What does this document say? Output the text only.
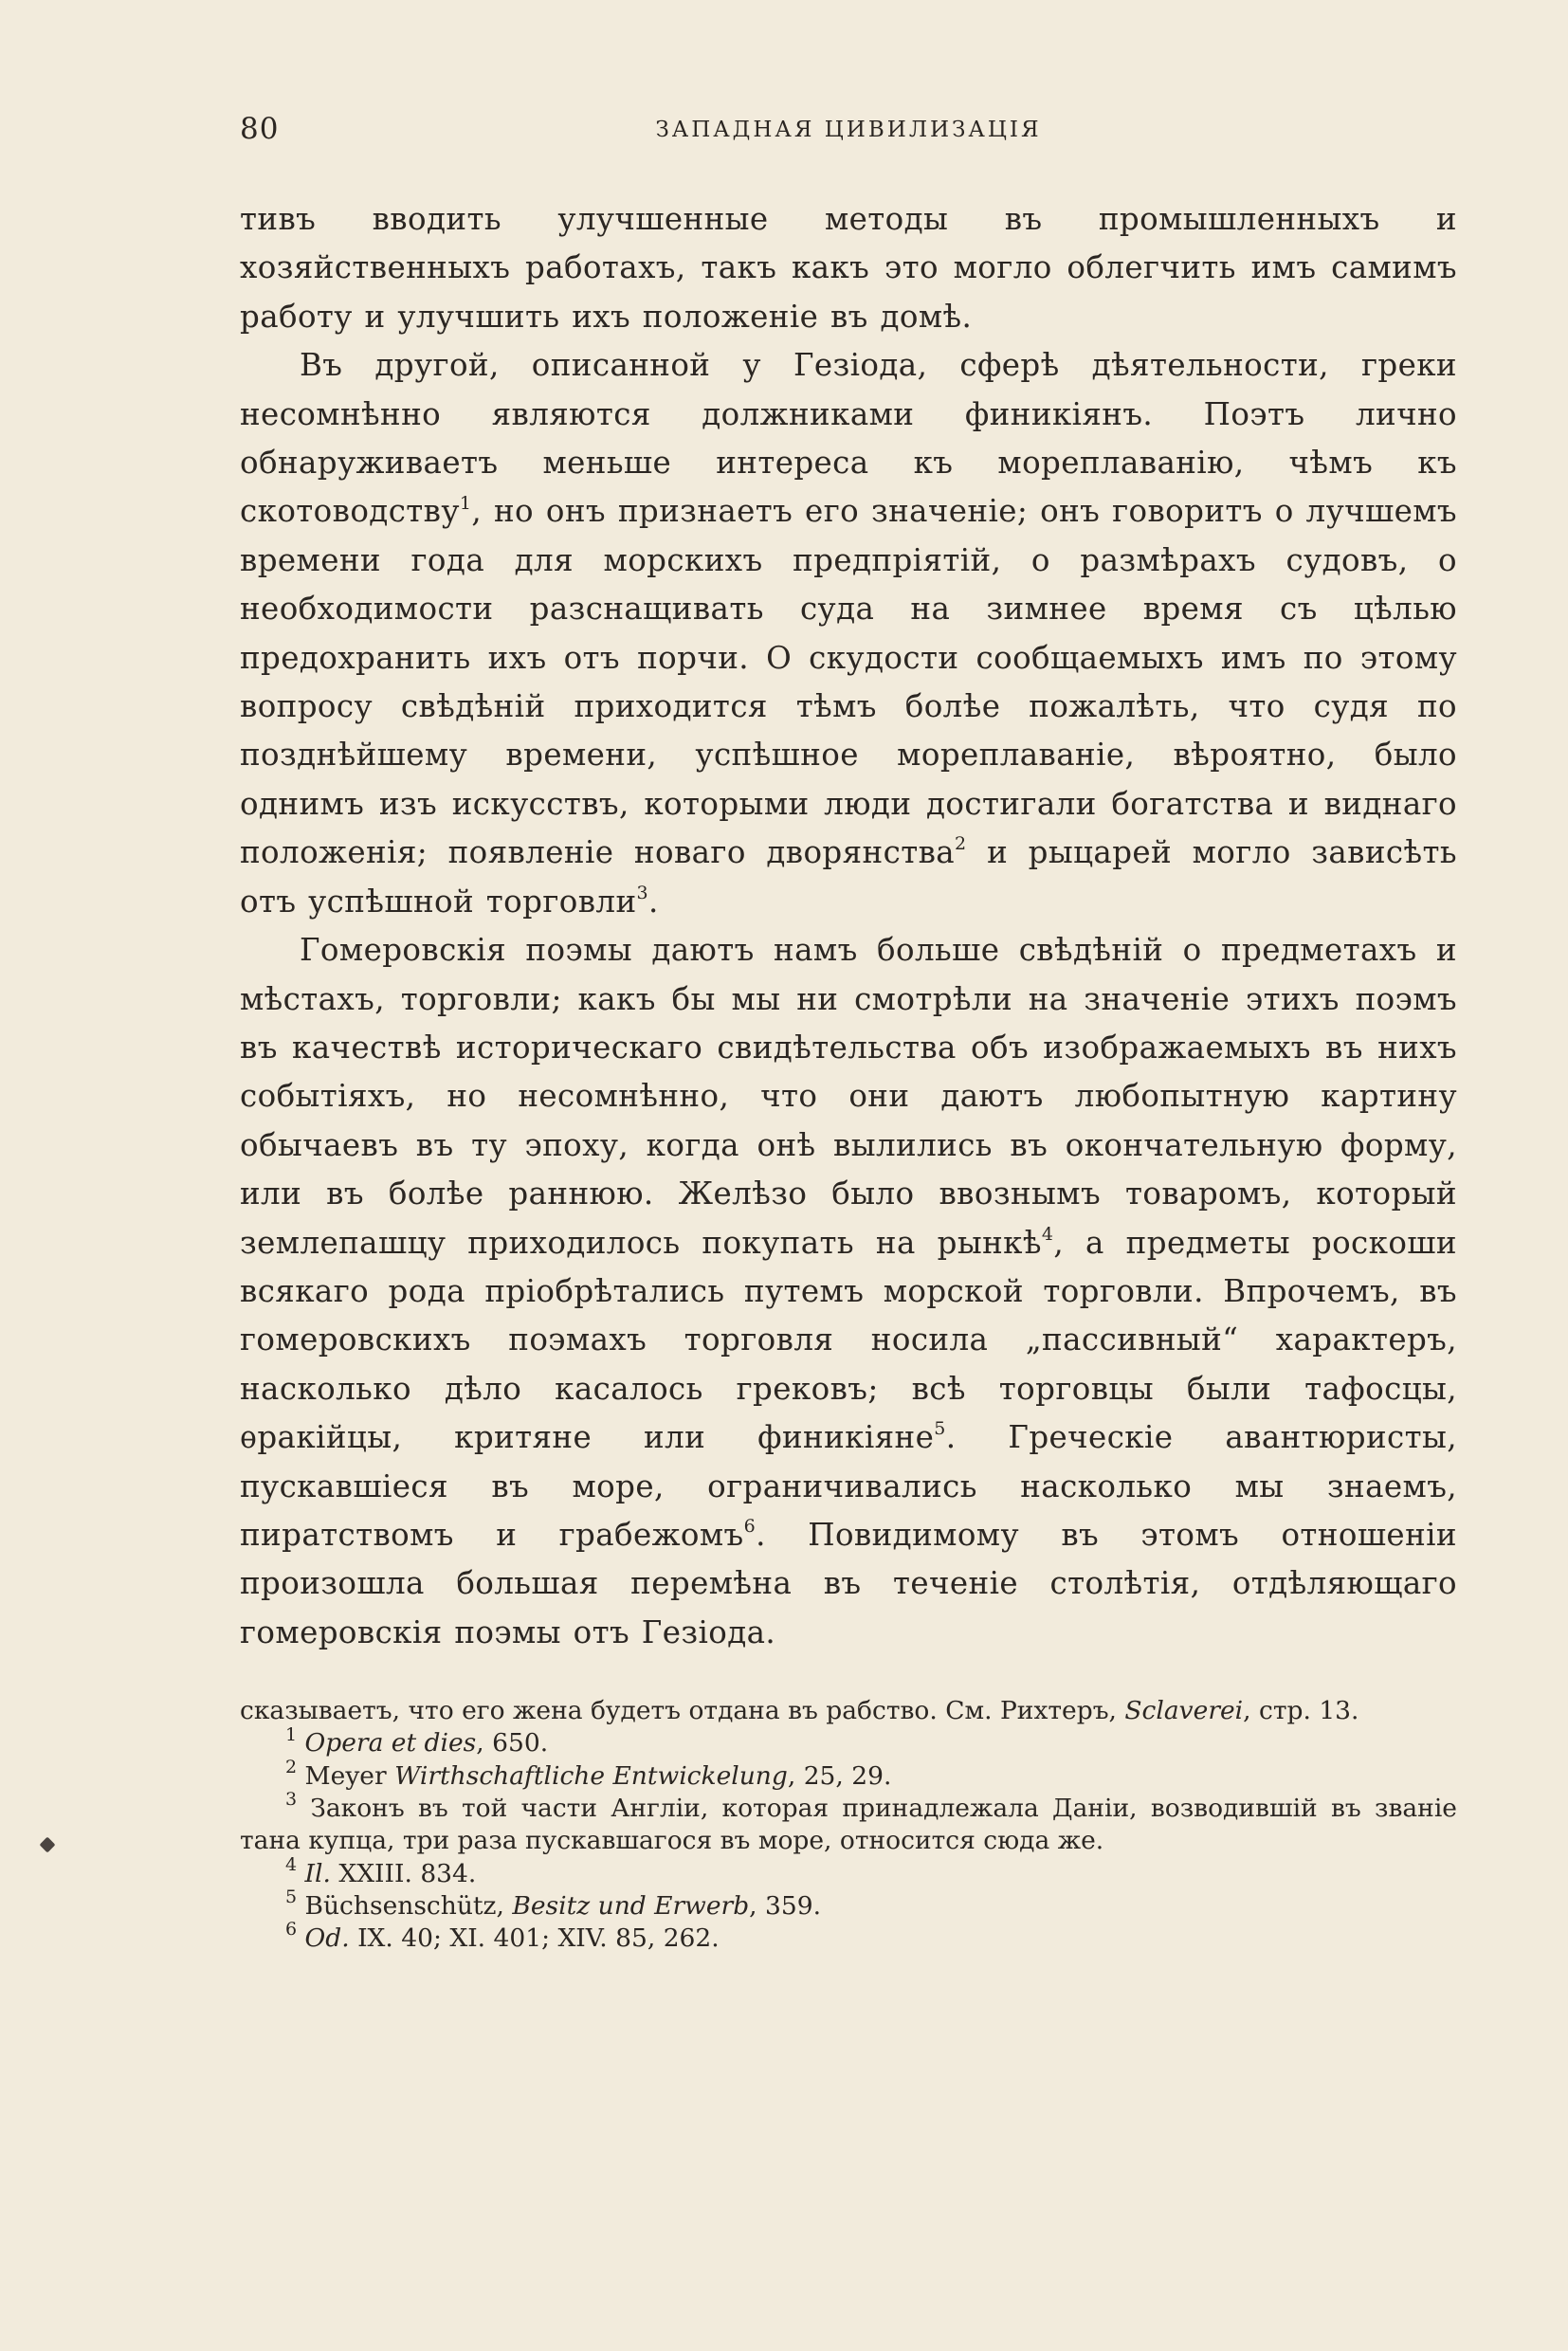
80	ЗАПАДНАЯ ЦИВИЛИЗАЦІЯ

тивъ вводить улучшенные методы въ промышленныхъ и хозяйственныхъ работахъ, такъ какъ это могло облегчить имъ самимъ работу и улучшить ихъ положеніе въ домѣ.

Въ другой, описанной у Гезіода, сферѣ дѣятельности, греки несомнѣнно являются должниками финикіянъ. Поэтъ лично обнаруживаетъ меньше интереса къ мореплаванію, чѣмъ къ скотоводству$^1$, но онъ признаетъ его значеніе; онъ говоритъ о лучшемъ времени года для морскихъ предпріятій, о размѣрахъ судовъ, о необходимости разснащивать суда на зимнее время съ цѣлью предохранить ихъ отъ порчи. О скудости сообщаемыхъ имъ по этому вопросу свѣдѣній приходится тѣмъ болѣе пожалѣть, что судя по позднѣйшему времени, успѣшное мореплаваніе, вѣроятно, было однимъ изъ искусствъ, которыми люди достигали богатства и виднаго положенія; появленіе новаго дворянства$^2$ и рыцарей могло зависѣть отъ успѣшной торговли$^3$.

Гомеровскія поэмы даютъ намъ больше свѣдѣній о предметахъ и мѣстахъ, торговли; какъ бы мы ни смотрѣли на значеніе этихъ поэмъ въ качествѣ историческаго свидѣтельства объ изображаемыхъ въ нихъ событіяхъ, но несомнѣнно, что они даютъ любопытную картину обычаевъ въ ту эпоху, когда онѣ вылились въ окончательную форму, или въ болѣе раннюю. Желѣзо было ввознымъ товаромъ, который землепашцу приходилось покупать на рынкѣ$^4$, а предметы роскоши всякаго рода пріобрѣтались путемъ морской торговли. Впрочемъ, въ гомеровскихъ поэмахъ торговля носила „пассивный“ характеръ, насколько дѣло касалось грековъ; всѣ торговцы были тафосцы, ѳракійцы, критяне или финикіяне$^5$. Греческіе авантюристы, пускавшіеся въ море, ограничивались насколько мы знаемъ, пиратствомъ и грабежомъ$^6$. Повидимому въ этомъ отношеніи произошла большая перемѣна въ теченіе столѣтія, отдѣляющаго гомеровскія поэмы отъ Гезіода.

сказываетъ, что его жена будетъ отдана въ рабство. См. Рихтеръ, Sclaverei, стр. 13.

$^1$ Opera et dies, 650.

$^2$ Meyer Wirthschaftliche Entwickelung, 25, 29.

$^3$ Законъ въ той части Англіи, которая принадлежала Даніи, возводившій въ званіе тана купца, три раза пускавшагося въ море, относится сюда же.

$^4$ Il. XXIII. 834.

$^5$ Büchsenschütz, Besitz und Erwerb, 359.

$^6$ Od. IX. 40; XI. 401; XIV. 85, 262.
